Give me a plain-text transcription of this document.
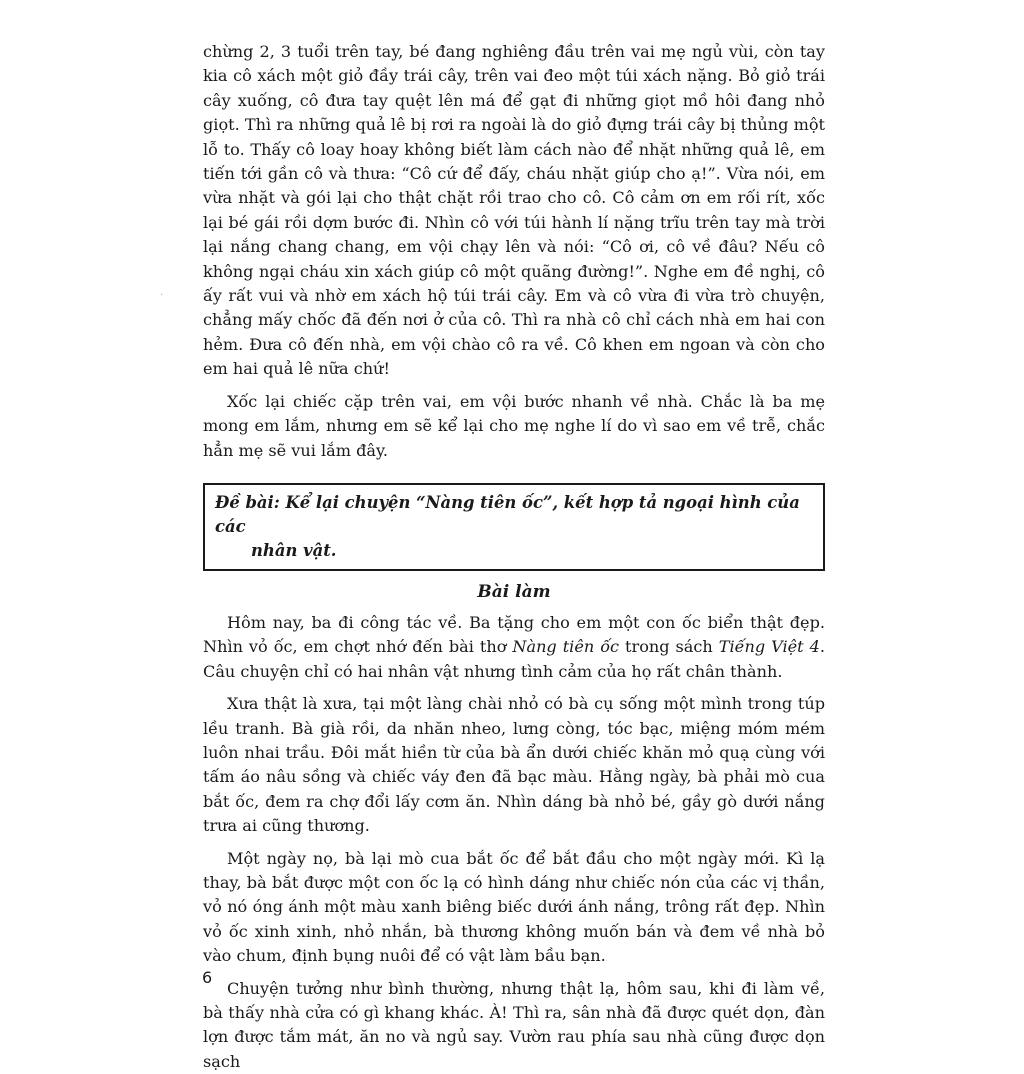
·

chừng 2, 3 tuổi trên tay, bé đang nghiêng đầu trên vai mẹ ngủ vùi, còn tay kia cô xách một giỏ đầy trái cây, trên vai đeo một túi xách nặng. Bỏ giỏ trái cây xuống, cô đưa tay quệt lên má để gạt đi những giọt mồ hôi đang nhỏ giọt. Thì ra những quả lê bị rơi ra ngoài là do giỏ đựng trái cây bị thủng một lỗ to. Thấy cô loay hoay không biết làm cách nào để nhặt những quả lê, em tiến tới gần cô và thưa: “Cô cứ để đấy, cháu nhặt giúp cho ạ!”. Vừa nói, em vừa nhặt và gói lại cho thật chặt rồi trao cho cô. Cô cảm ơn em rối rít, xốc lại bé gái rồi dợm bước đi. Nhìn cô với túi hành lí nặng trĩu trên tay mà trời lại nắng chang chang, em vội chạy lên và nói: “Cô ơi, cô về đâu? Nếu cô không ngại cháu xin xách giúp cô một quãng đường!”. Nghe em đề nghị, cô ấy rất vui và nhờ em xách hộ túi trái cây. Em và cô vừa đi vừa trò chuyện, chẳng mấy chốc đã đến nơi ở của cô. Thì ra nhà cô chỉ cách nhà em hai con hẻm. Đưa cô đến nhà, em vội chào cô ra về. Cô khen em ngoan và còn cho em hai quả lê nữa chứ!

Xốc lại chiếc cặp trên vai, em vội bước nhanh về nhà. Chắc là ba mẹ mong em lắm, nhưng em sẽ kể lại cho mẹ nghe lí do vì sao em về trễ, chắc hẳn mẹ sẽ vui lắm đây.

Đề bài: Kể lại chuyện “Nàng tiên ốc”, kết hợp tả ngoại hình của các
nhân vật.
Bài làm

Hôm nay, ba đi công tác về. Ba tặng cho em một con ốc biển thật đẹp. Nhìn vỏ ốc, em chợt nhớ đến bài thơ Nàng tiên ốc trong sách Tiếng Việt 4. Câu chuyện chỉ có hai nhân vật nhưng tình cảm của họ rất chân thành.

Xưa thật là xưa, tại một làng chài nhỏ có bà cụ sống một mình trong túp lều tranh. Bà già rồi, da nhăn nheo, lưng còng, tóc bạc, miệng móm mém luôn nhai trầu. Đôi mắt hiền từ của bà ẩn dưới chiếc khăn mỏ quạ cùng với tấm áo nâu sồng và chiếc váy đen đã bạc màu. Hằng ngày, bà phải mò cua bắt ốc, đem ra chợ đổi lấy cơm ăn. Nhìn dáng bà nhỏ bé, gầy gò dưới nắng trưa ai cũng thương.

Một ngày nọ, bà lại mò cua bắt ốc để bắt đầu cho một ngày mới. Kì lạ thay, bà bắt được một con ốc lạ có hình dáng như chiếc nón của các vị thần, vỏ nó óng ánh một màu xanh biêng biếc dưới ánh nắng, trông rất đẹp. Nhìn vỏ ốc xinh xinh, nhỏ nhắn, bà thương không muốn bán và đem về nhà bỏ vào chum, định bụng nuôi để có vật làm bầu bạn.

Chuyện tưởng như bình thường, nhưng thật lạ, hôm sau, khi đi làm về, bà thấy nhà cửa có gì khang khác. À! Thì ra, sân nhà đã được quét dọn, đàn lợn được tắm mát, ăn no và ngủ say. Vườn rau phía sau nhà cũng được dọn sạch

6
